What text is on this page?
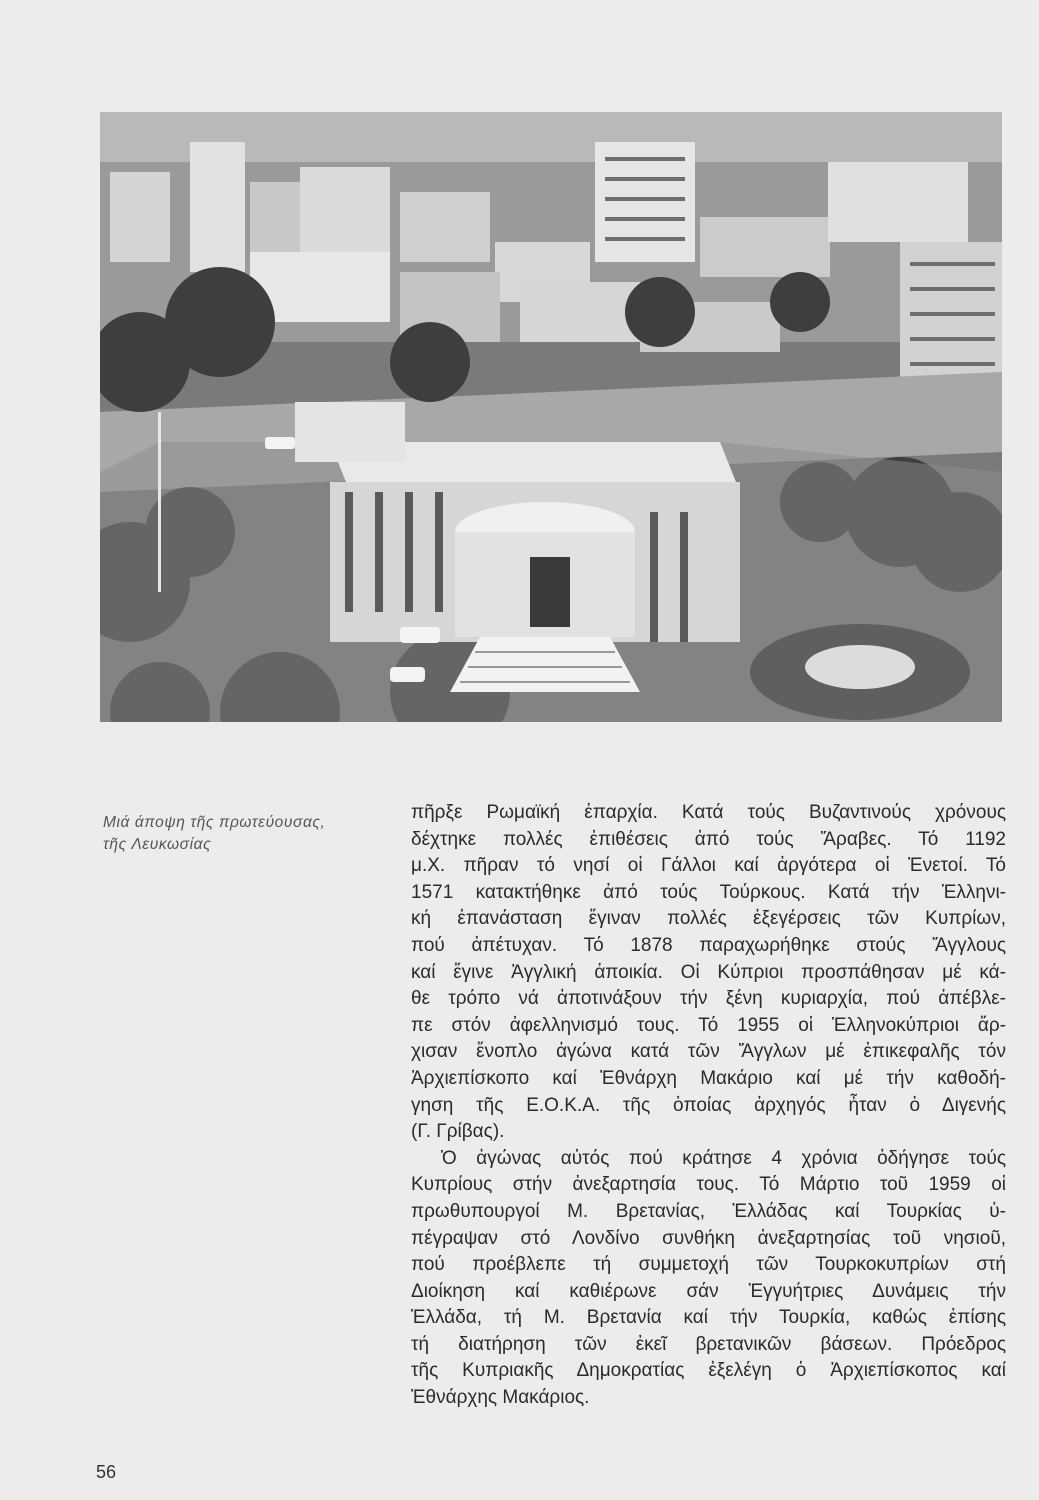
Μιά άποψη τῆς πρωτεύουσας,
τῆς Λευκωσίας
πῆρξε Ρωμαϊκή ἐπαρχία. Κατά τούς Βυζαντινούς χρόνους
δέχτηκε πολλές ἐπιθέσεις ἀπό τούς Ἄραβες. Τό 1192
μ.Χ. πῆραν τό νησί οἱ Γάλλοι καί ἀργότερα οἱ Ἐνετοί. Τό
1571 κατακτήθηκε ἀπό τούς Τούρκους. Κατά τήν Ἑλληνι-
κή ἐπανάσταση ἔγιναν πολλές ἐξεγέρσεις τῶν Κυπρίων,
πού ἀπέτυχαν. Τό 1878 παραχωρήθηκε στούς Ἄγγλους
καί ἔγινε Ἀγγλική ἀποικία. Οἱ Κύπριοι προσπάθησαν μέ κά-
θε τρόπο νά ἀποτινάξουν τήν ξένη κυριαρχία, πού ἀπέβλε-
πε στόν ἀφελληνισμό τους. Τό 1955 οἱ Ἑλληνοκύπριοι ἄρ-
χισαν ἔνοπλο ἀγώνα κατά τῶν Ἄγγλων μέ ἐπικεφαλῆς τόν
Ἀρχιεπίσκοπο καί Ἐθνάρχη Μακάριο καί μέ τήν καθοδή-
γηση τῆς Ε.Ο.Κ.Α. τῆς ὁποίας ἀρχηγός ἦταν ὁ Διγενής
(Γ. Γρίβας).
Ὁ ἀγώνας αὐτός πού κράτησε 4 χρόνια ὁδήγησε τούς
Κυπρίους στήν ἀνεξαρτησία τους. Τό Μάρτιο τοῦ 1959 οἱ
πρωθυπουργοί Μ. Βρετανίας, Ἑλλάδας καί Τουρκίας ὑ-
πέγραψαν στό Λονδίνο συνθήκη ἀνεξαρτησίας τοῦ νησιοῦ,
πού προέβλεπε τή συμμετοχή τῶν Τουρκοκυπρίων στή
Διοίκηση καί καθιέρωνε σάν Ἐγγυήτριες Δυνάμεις τήν
Ἑλλάδα, τή Μ. Βρετανία καί τήν Τουρκία, καθώς ἐπίσης
τή διατήρηση τῶν ἐκεῖ βρετανικῶν βάσεων. Πρόεδρος
τῆς Κυπριακῆς Δημοκρατίας ἐξελέγη ὁ Ἀρχιεπίσκοπος καί
Ἐθνάρχης Μακάριος.
56
